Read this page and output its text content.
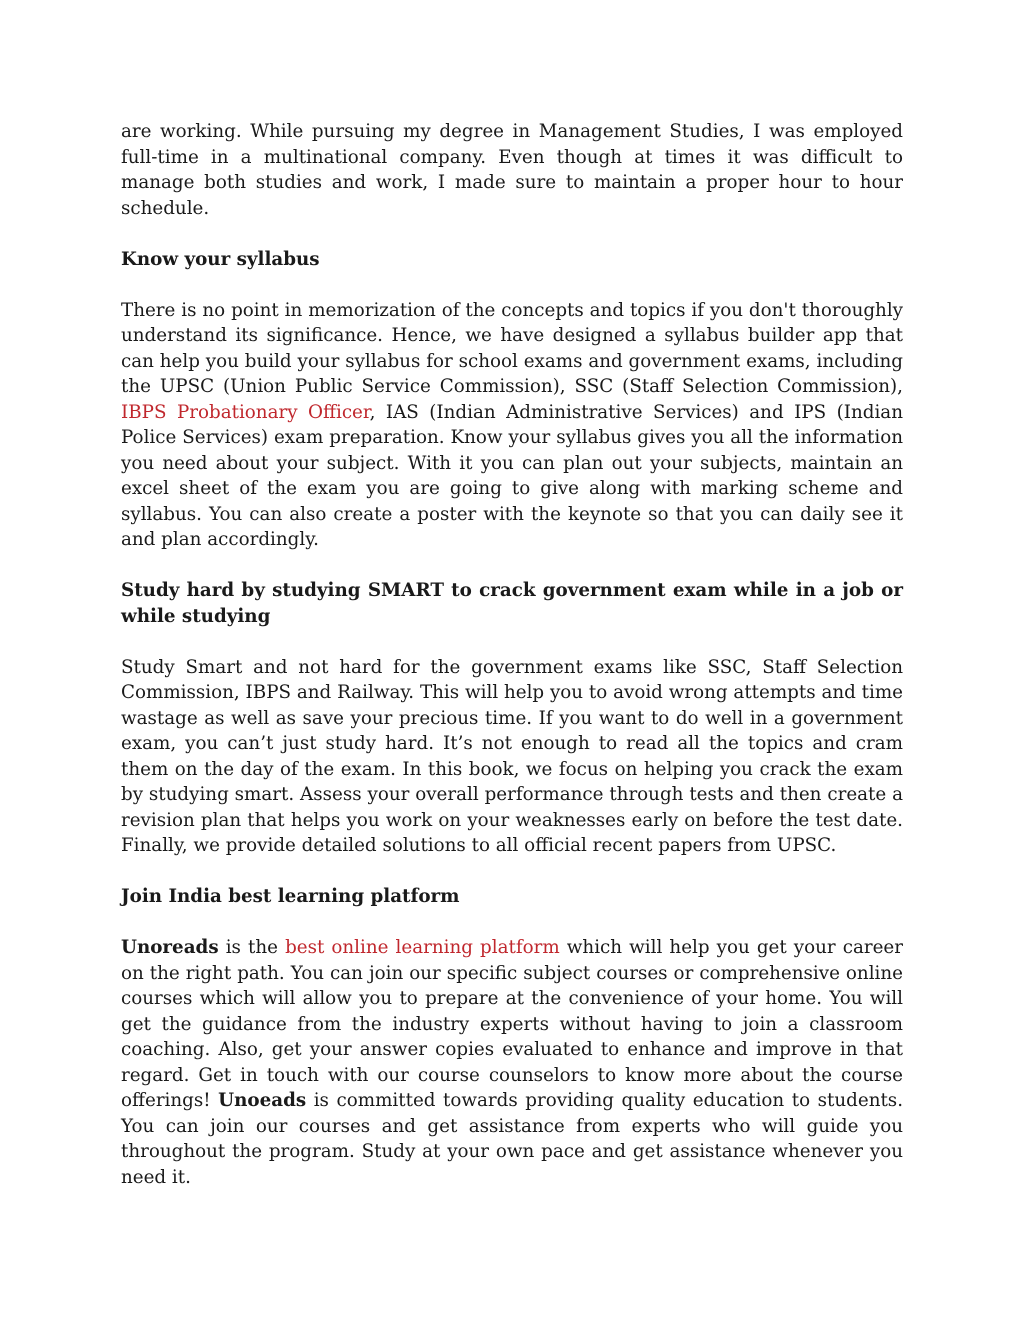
are working. While pursuing my degree in Management Studies, I was employed full-time in a multinational company. Even though at times it was difficult to manage both studies and work, I made sure to maintain a proper hour to hour schedule.

Know your syllabus

There is no point in memorization of the concepts and topics if you don't thoroughly understand its significance. Hence, we have designed a syllabus builder app that can help you build your syllabus for school exams and government exams, including the UPSC (Union Public Service Commission), SSC (Staff Selection Commission), IBPS Probationary Officer, IAS (Indian Administrative Services) and IPS (Indian Police Services) exam preparation. Know your syllabus gives you all the information you need about your subject. With it you can plan out your subjects, maintain an excel sheet of the exam you are going to give along with marking scheme and syllabus. You can also create a poster with the keynote so that you can daily see it and plan accordingly.

Study hard by studying SMART to crack government exam while in a job or while studying

Study Smart and not hard for the government exams like SSC, Staff Selection Commission, IBPS and Railway. This will help you to avoid wrong attempts and time wastage as well as save your precious time. If you want to do well in a government exam, you can’t just study hard. It’s not enough to read all the topics and cram them on the day of the exam. In this book, we focus on helping you crack the exam by studying smart. Assess your overall performance through tests and then create a revision plan that helps you work on your weaknesses early on before the test date. Finally, we provide detailed solutions to all official recent papers from UPSC.

Join India best learning platform

Unoreads is the best online learning platform which will help you get your career on the right path. You can join our specific subject courses or comprehensive online courses which will allow you to prepare at the convenience of your home. You will get the guidance from the industry experts without having to join a classroom coaching. Also, get your answer copies evaluated to enhance and improve in that regard. Get in touch with our course counselors to know more about the course offerings! Unoeads is committed towards providing quality education to students. You can join our courses and get assistance from experts who will guide you throughout the program. Study at your own pace and get assistance whenever you need it.
